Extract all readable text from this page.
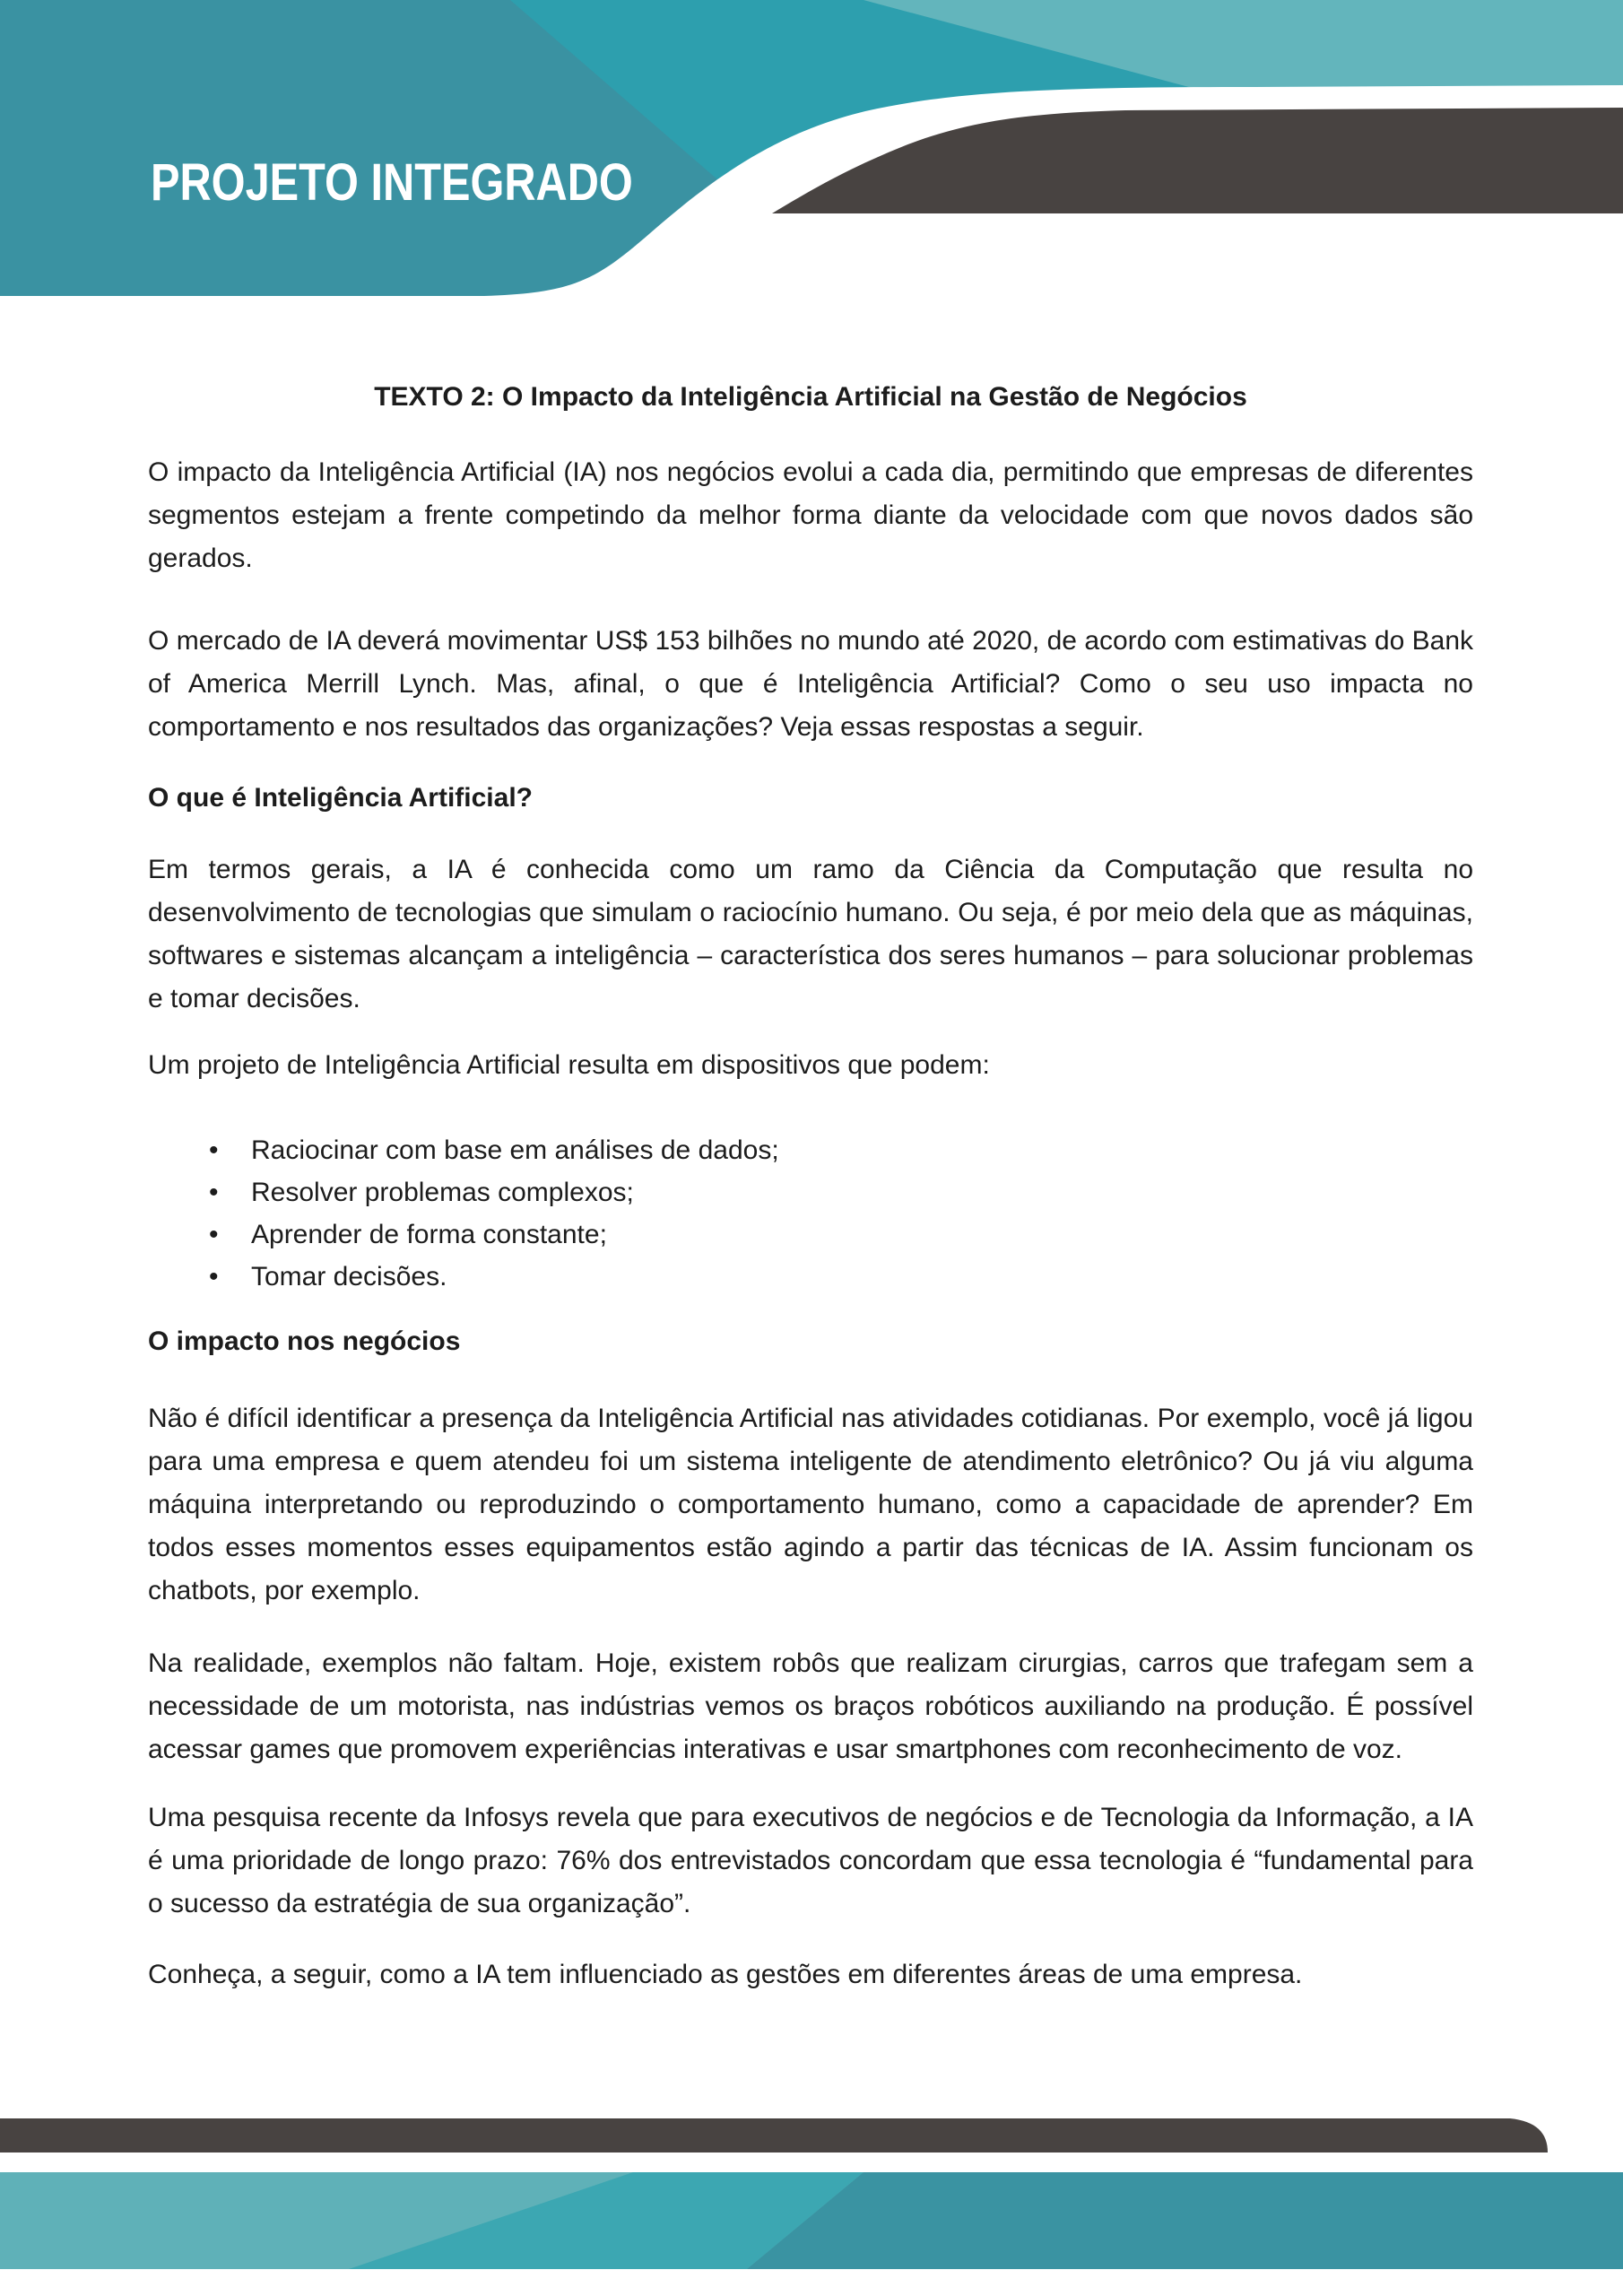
PROJETO INTEGRADO
TEXTO 2: O Impacto da Inteligência Artificial na Gestão de Negócios

O impacto da Inteligência Artificial (IA) nos negócios evolui a cada dia, permitindo que empresas de diferentes segmentos estejam a frente competindo da melhor forma diante da velocidade com que novos dados são gerados.

O mercado de IA deverá movimentar US$ 153 bilhões no mundo até 2020, de acordo com estimativas do Bank of America Merrill Lynch. Mas, afinal, o que é Inteligência Artificial? Como o seu uso impacta no comportamento e nos resultados das organizações? Veja essas respostas a seguir.

O que é Inteligência Artificial?

Em termos gerais, a IA é conhecida como um ramo da Ciência da Computação que resulta no desenvolvimento de tecnologias que simulam o raciocínio humano. Ou seja, é por meio dela que as máquinas, softwares e sistemas alcançam a inteligência – característica dos seres humanos – para solucionar problemas e tomar decisões.

Um projeto de Inteligência Artificial resulta em dispositivos que podem:

• Raciocinar com base em análises de dados;
• Resolver problemas complexos;
• Aprender de forma constante;
• Tomar decisões.
O impacto nos negócios

Não é difícil identificar a presença da Inteligência Artificial nas atividades cotidianas. Por exemplo, você já ligou para uma empresa e quem atendeu foi um sistema inteligente de atendimento eletrônico? Ou já viu alguma máquina interpretando ou reproduzindo o comportamento humano, como a capacidade de aprender? Em todos esses momentos esses equipamentos estão agindo a partir das técnicas de IA. Assim funcionam os chatbots, por exemplo.

Na realidade, exemplos não faltam. Hoje, existem robôs que realizam cirurgias, carros que trafegam sem a necessidade de um motorista, nas indústrias vemos os braços robóticos auxiliando na produção. É possível acessar games que promovem experiências interativas e usar smartphones com reconhecimento de voz.

Uma pesquisa recente da Infosys revela que para executivos de negócios e de Tecnologia da Informação, a IA é uma prioridade de longo prazo: 76% dos entrevistados concordam que essa tecnologia é “fundamental para o sucesso da estratégia de sua organização”.

Conheça, a seguir, como a IA tem influenciado as gestões em diferentes áreas de uma empresa.
